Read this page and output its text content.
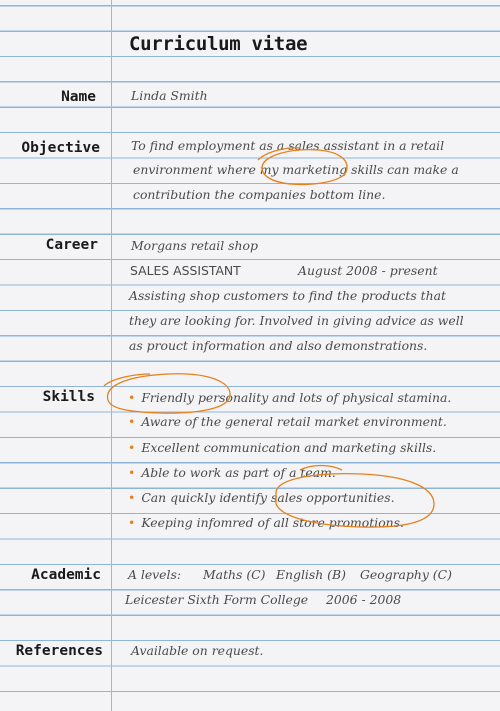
Curriculum vitae
Name	Linda Smith
Objective	To find employment as a sales assistant in a retail
environment where my marketing skills can make a
contribution the companies bottom line.
Career	Morgans retail shop
SALES ASSISTANT	August 2008 - present
Assisting shop customers to find the products that
they are looking for. Involved in giving advice as well
as prouct information and also demonstrations.
Skills	• Friendly personality and lots of physical stamina.
• Aware of the general retail market environment.
• Excellent communication and marketing skills.
• Able to work as part of a team.
• Can quickly identify sales opportunities.
• Keeping infomred of all store promotions.
Academic A levels: Maths (C) English (B) Geography (C)
Leicester Sixth Form College 2006 - 2008
References Available on request.
